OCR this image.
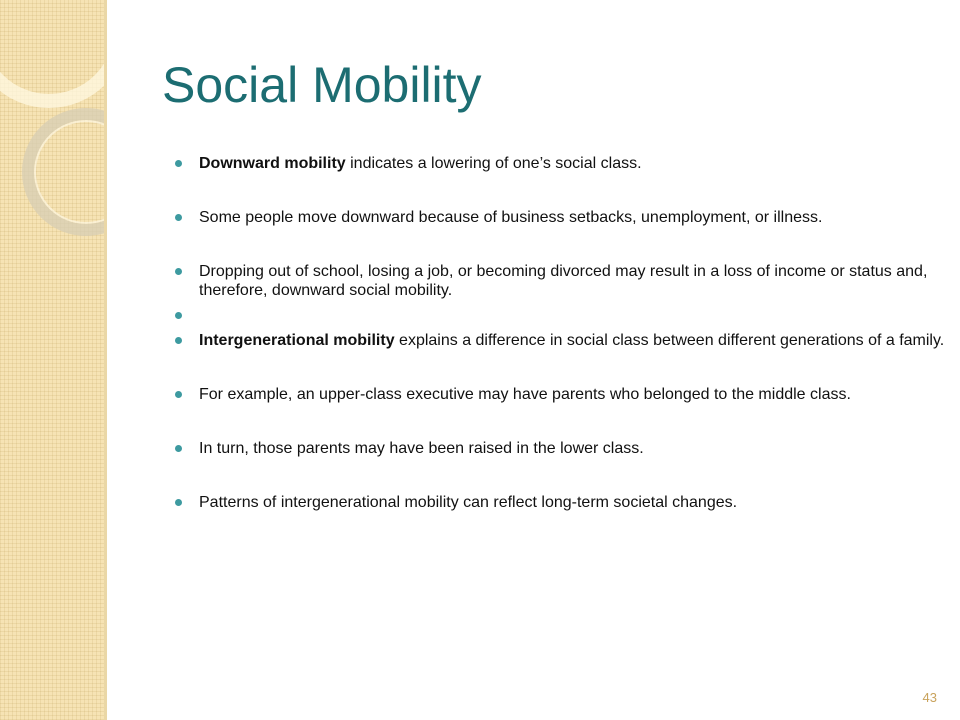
Social Mobility
Downward mobility indicates a lowering of one’s social class.
Some people move downward because of business setbacks, unemployment, or illness.
Dropping out of school, losing a job, or becoming divorced may result in a loss of income or status and, therefore, downward social mobility.
Intergenerational mobility explains a difference in social class between different generations of a family.
For example, an upper-class executive may have parents who belonged to the middle class.
In turn, those parents may have been raised in the lower class.
Patterns of intergenerational mobility can reflect long-term societal changes.
43
